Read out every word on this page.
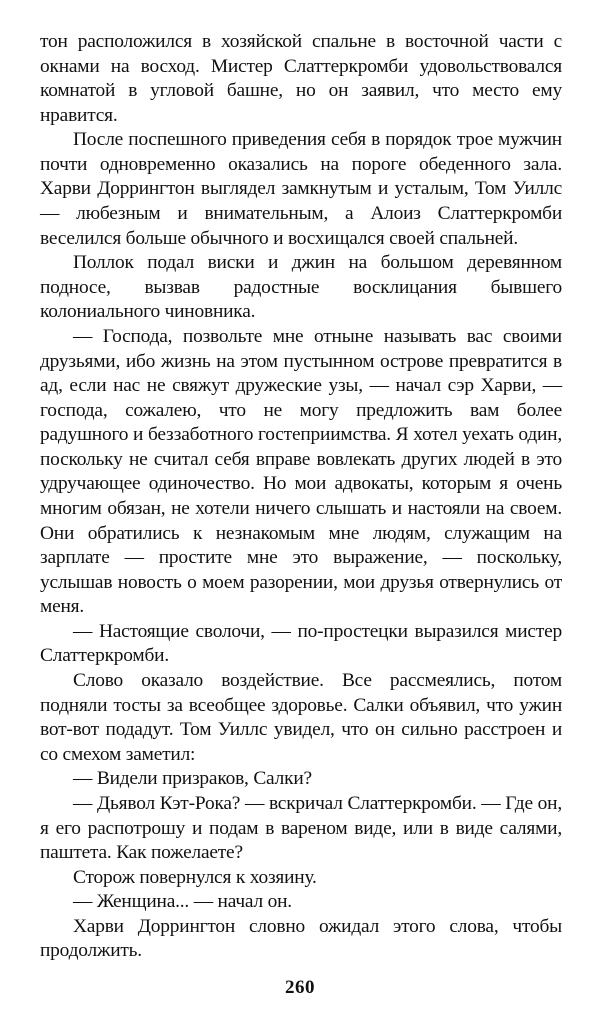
тон расположился в хозяйской спальне в восточной части с окнами на восход. Мистер Слаттеркромби удовольствовался комнатой в угловой башне, но он заявил, что место ему нравится.

После поспешного приведения себя в порядок трое мужчин почти одновременно оказались на пороге обеденного зала. Харви Доррингтон выглядел замкнутым и усталым, Том Уиллс — любезным и внимательным, а Алоиз Слаттеркромби веселился больше обычного и восхищался своей спальней.

Поллок подал виски и джин на большом деревянном подносе, вызвав радостные восклицания бывшего колониального чиновника.

— Господа, позвольте мне отныне называть вас своими друзьями, ибо жизнь на этом пустынном острове превратится в ад, если нас не свяжут дружеские узы, — начал сэр Харви, — господа, сожалею, что не могу предложить вам более радушного и беззаботного гостеприимства. Я хотел уехать один, поскольку не считал себя вправе вовлекать других людей в это удручающее одиночество. Но мои адвокаты, которым я очень многим обязан, не хотели ничего слышать и настояли на своем. Они обратились к незнакомым мне людям, служащим на зарплате — простите мне это выражение, — поскольку, услышав новость о моем разорении, мои друзья отвернулись от меня.

— Настоящие сволочи, — по-простецки выразился мистер Слаттеркромби.

Слово оказало воздействие. Все рассмеялись, потом подняли тосты за всеобщее здоровье. Салки объявил, что ужин вот-вот подадут. Том Уиллс увидел, что он сильно расстроен и со смехом заметил:

— Видели призраков, Салки?

— Дьявол Кэт-Рока? — вскричал Слаттеркромби. — Где он, я его распотрошу и подам в вареном виде, или в виде салями, паштета. Как пожелаете?

Сторож повернулся к хозяину.

— Женщина... — начал он.

Харви Доррингтон словно ожидал этого слова, чтобы продолжить.

260
